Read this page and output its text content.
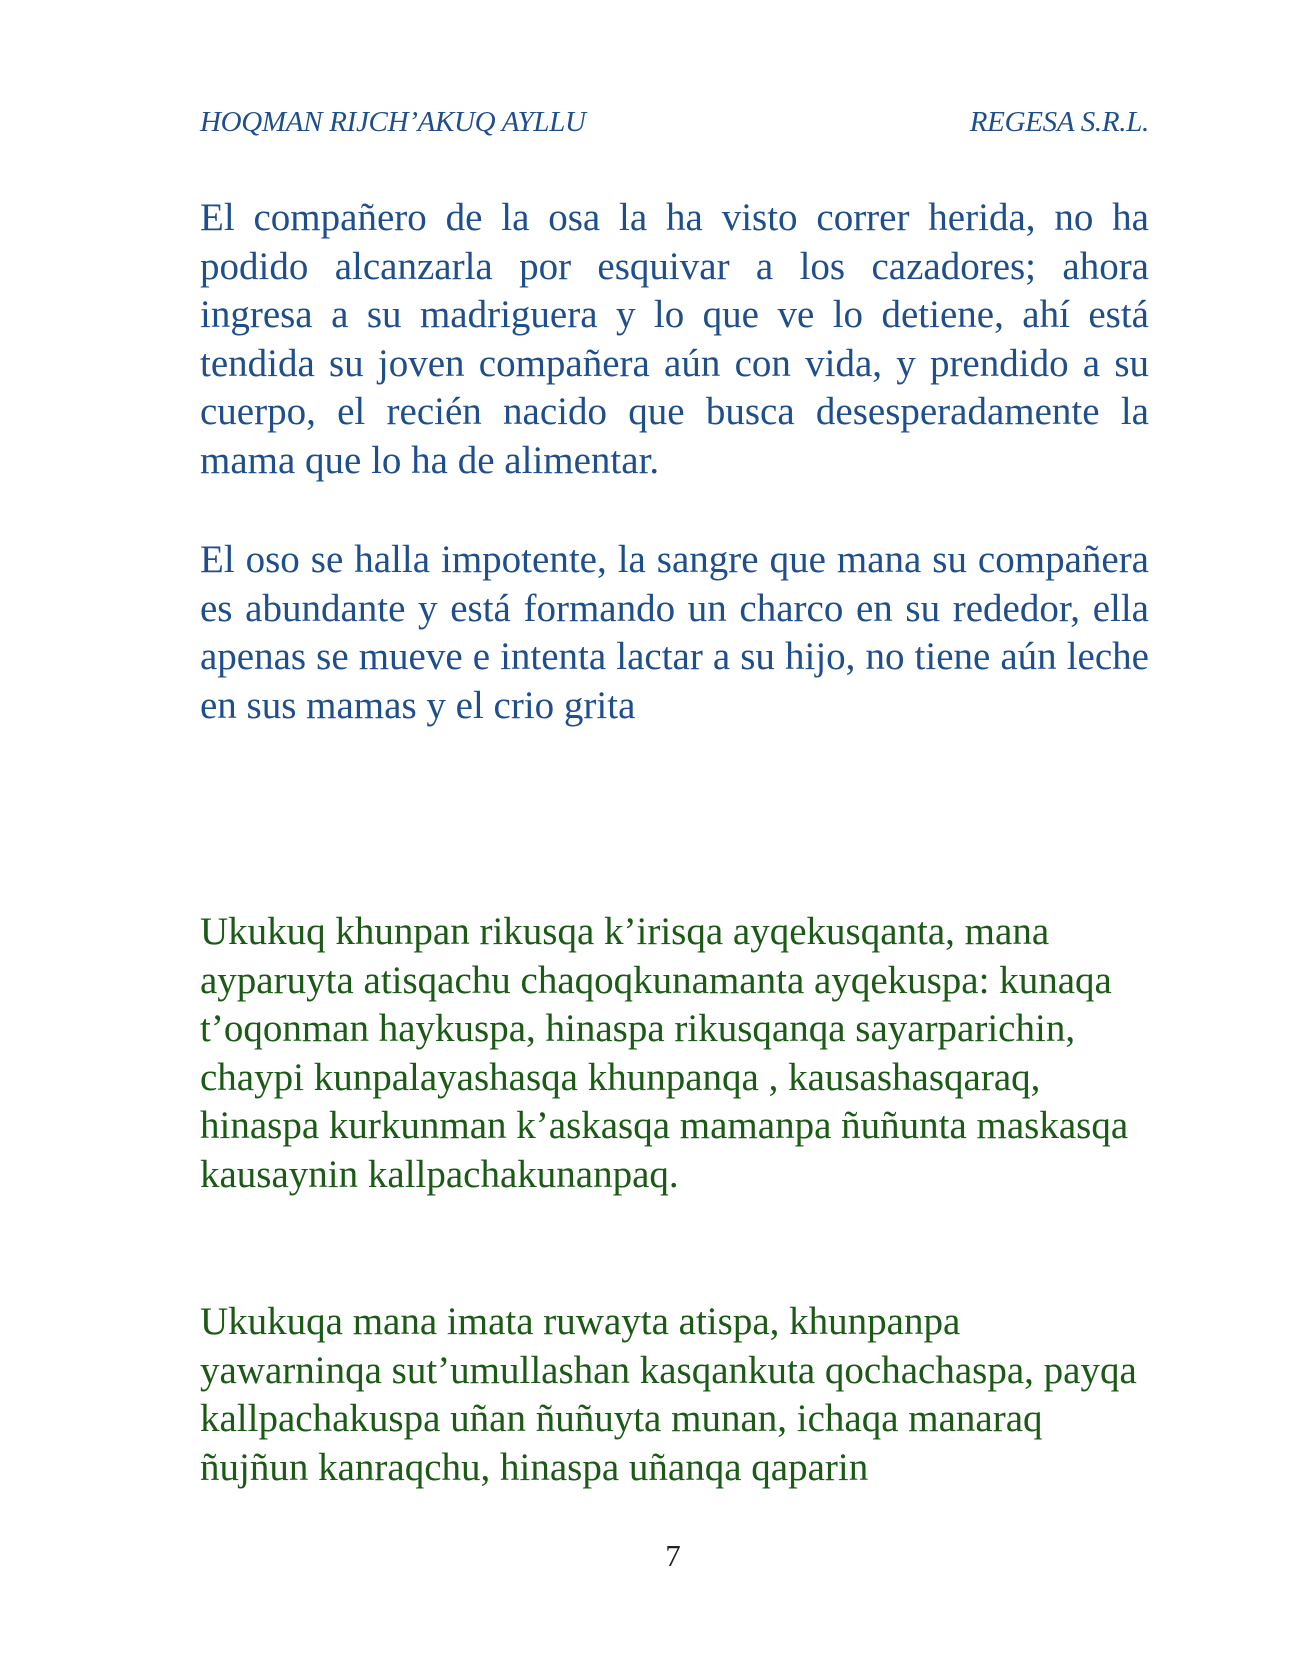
HOQMAN RIJCH’AKUQ AYLLU	REGESA S.R.L.

El compañero de la osa la ha visto correr herida, no ha podido alcanzarla por esquivar a los cazadores; ahora ingresa a su madriguera y lo que ve lo detiene, ahí está tendida su joven compañera aún con vida, y prendido a su cuerpo, el recién nacido que busca desesperadamente la mama que lo ha de alimentar.

El oso se halla impotente, la sangre que mana su compañera es abundante y está formando un charco en su rededor, ella apenas se mueve e intenta lactar a su hijo, no tiene aún leche en sus mamas y el crio grita

Ukukuq khunpan rikusqa k’irisqa ayqekusqanta, mana ayparuyta atisqachu chaqoqkunamanta ayqekuspa: kunaqa t’oqonman haykuspa, hinaspa rikusqanqa sayarparichin, chaypi kunpalayashasqa khunpanqa , kausashasqaraq, hinaspa kurkunman k’askasqa mamanpa ñuñunta maskasqa kausaynin kallpachakunanpaq.

Ukukuqa mana imata ruwayta atispa, khunpanpa yawarninqa sut’umullashan kasqankuta qochachaspa, payqa kallpachakuspa uñan ñuñuyta munan, ichaqa manaraq ñujñun kanraqchu, hinaspa uñanqa qaparin

7
